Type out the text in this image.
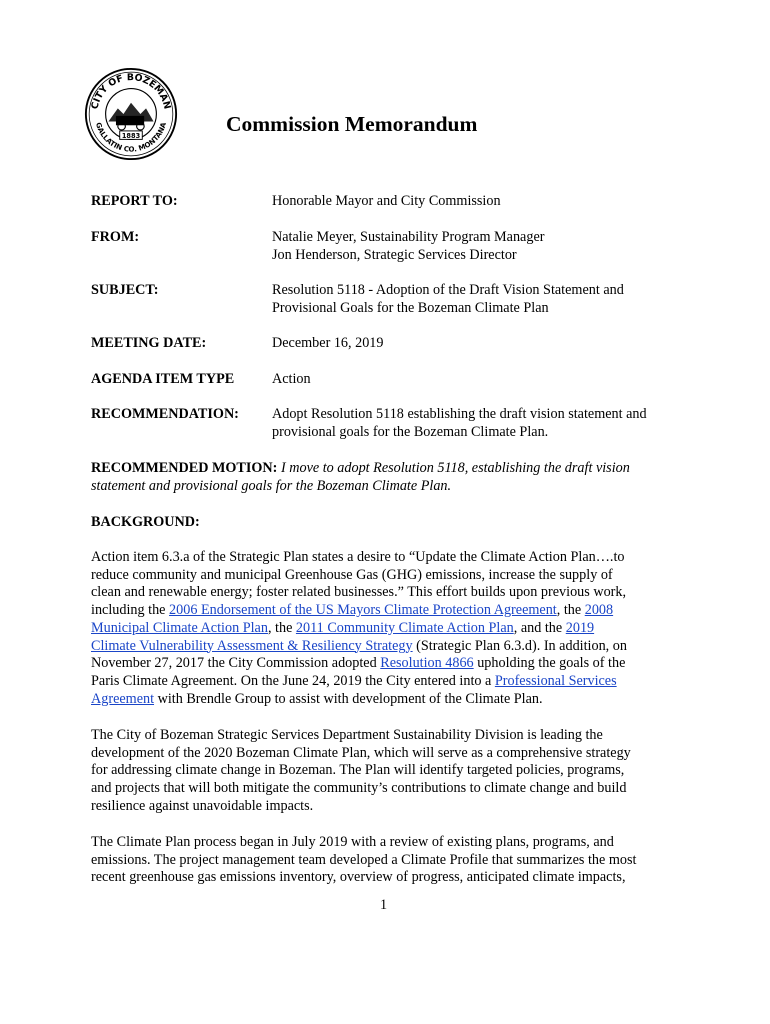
CITY OF BOZEMAN
GALLATIN CO. MONTANA
1883	Commission Memorandum
REPORT TO:	Honorable Mayor and City Commission
FROM:	Natalie Meyer, Sustainability Program Manager
Jon Henderson, Strategic Services Director
SUBJECT:	Resolution 5118 - Adoption of the Draft Vision Statement and
Provisional Goals for the Bozeman Climate Plan
MEETING DATE:	December 16, 2019
AGENDA ITEM TYPE	Action
RECOMMENDATION: Adopt Resolution 5118 establishing the draft vision statement and
provisional goals for the Bozeman Climate Plan.
RECOMMENDED MOTION: I move to adopt Resolution 5118, establishing the draft vision
statement and provisional goals for the Bozeman Climate Plan.
BACKGROUND:
Action item 6.3.a of the Strategic Plan states a desire to “Update the Climate Action Plan….to
reduce community and municipal Greenhouse Gas (GHG) emissions, increase the supply of
clean and renewable energy; foster related businesses.” This effort builds upon previous work,
including the 2006 Endorsement of the US Mayors Climate Protection Agreement, the 2008
Municipal Climate Action Plan, the 2011 Community Climate Action Plan, and the 2019
Climate Vulnerability Assessment & Resiliency Strategy (Strategic Plan 6.3.d). In addition, on
November 27, 2017 the City Commission adopted Resolution 4866 upholding the goals of the
Paris Climate Agreement. On the June 24, 2019 the City entered into a Professional Services
Agreement with Brendle Group to assist with development of the Climate Plan.
The City of Bozeman Strategic Services Department Sustainability Division is leading the
development of the 2020 Bozeman Climate Plan, which will serve as a comprehensive strategy
for addressing climate change in Bozeman. The Plan will identify targeted policies, programs,
and projects that will both mitigate the community’s contributions to climate change and build
resilience against unavoidable impacts.
The Climate Plan process began in July 2019 with a review of existing plans, programs, and
emissions. The project management team developed a Climate Profile that summarizes the most
recent greenhouse gas emissions inventory, overview of progress, anticipated climate impacts,
1
